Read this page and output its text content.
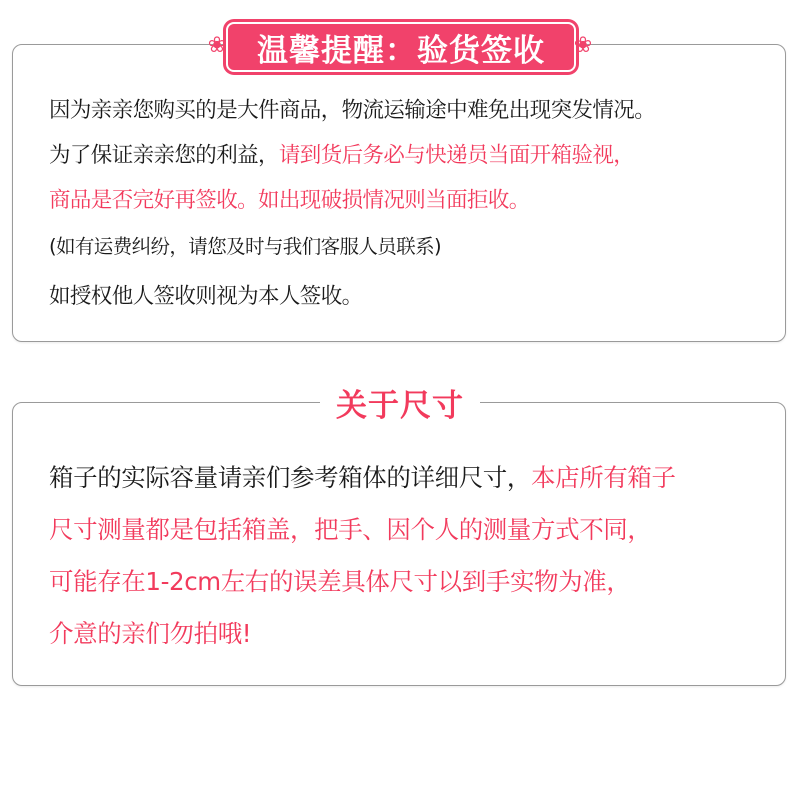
温馨提醒：验货签收
❀	❀
因为亲亲您购买的是大件商品，物流运输途中难免出现突发情况。
为了保证亲亲您的利益，请到货后务必与快递员当面开箱验视，
商品是否完好再签收。如出现破损情况则当面拒收。
(如有运费纠纷，请您及时与我们客服人员联系)
如授权他人签收则视为本人签收。
关于尺寸
箱子的实际容量请亲们参考箱体的详细尺寸，本店所有箱子
尺寸测量都是包括箱盖，把手、因个人的测量方式不同，
可能存在1-2cm左右的误差具体尺寸以到手实物为准，
介意的亲们勿拍哦!
